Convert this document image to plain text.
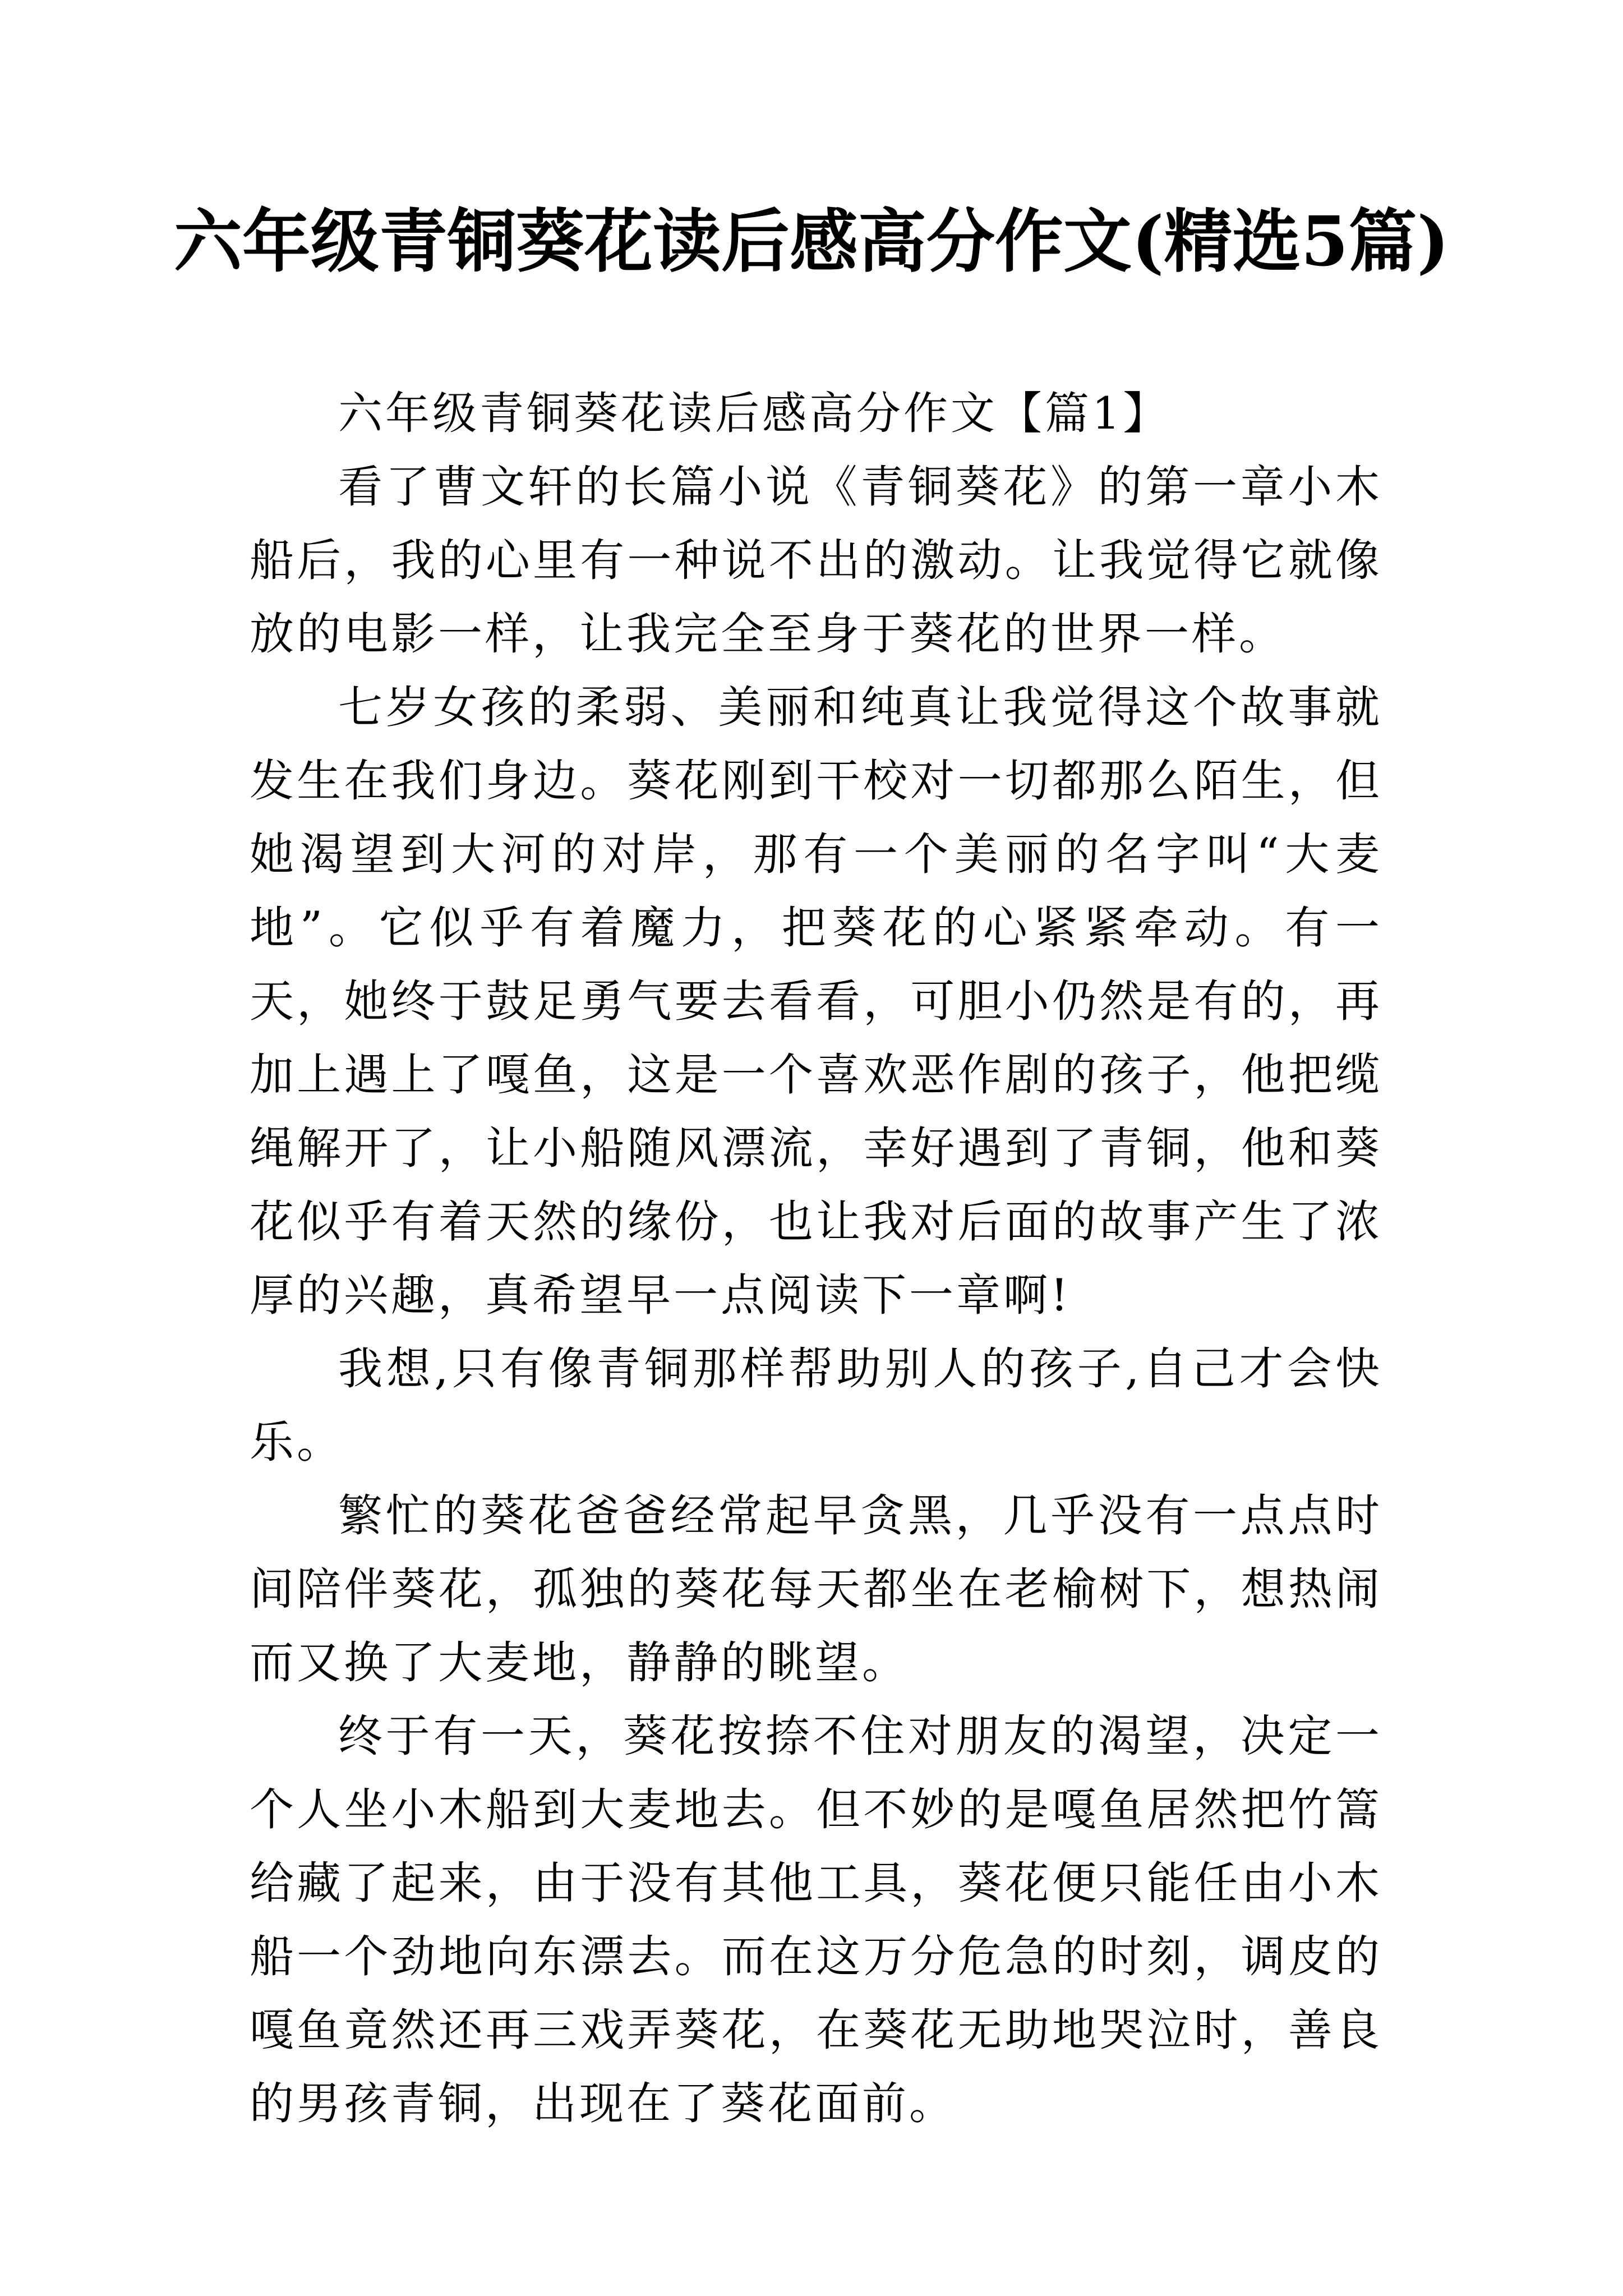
六年级青铜葵花读后感高分作文(精选5篇)

六年级青铜葵花读后感高分作文【篇1】

看了曹文轩的长篇小说《青铜葵花》的第一章小木船后，我的心里有一种说不出的激动。让我觉得它就像放的电影一样，让我完全至身于葵花的世界一样。

七岁女孩的柔弱、美丽和纯真让我觉得这个故事就发生在我们身边。葵花刚到干校对一切都那么陌生，但她渴望到大河的对岸，那有一个美丽的名字叫“大麦地”。它似乎有着魔力，把葵花的心紧紧牵动。有一天，她终于鼓足勇气要去看看，可胆小仍然是有的，再加上遇上了嘎鱼，这是一个喜欢恶作剧的孩子，他把缆绳解开了，让小船随风漂流，幸好遇到了青铜，他和葵花似乎有着天然的缘份，也让我对后面的故事产生了浓厚的兴趣，真希望早一点阅读下一章啊!

我想,只有像青铜那样帮助别人的孩子,自己才会快乐。

繁忙的葵花爸爸经常起早贪黑，几乎没有一点点时间陪伴葵花，孤独的葵花每天都坐在老榆树下，想热闹而又换了大麦地，静静的眺望。

终于有一天，葵花按捺不住对朋友的渴望，决定一个人坐小木船到大麦地去。但不妙的是嘎鱼居然把竹篙给藏了起来，由于没有其他工具，葵花便只能任由小木船一个劲地向东漂去。而在这万分危急的时刻，调皮的嘎鱼竟然还再三戏弄葵花，在葵花无助地哭泣时，善良的男孩青铜，出现在了葵花面前。
